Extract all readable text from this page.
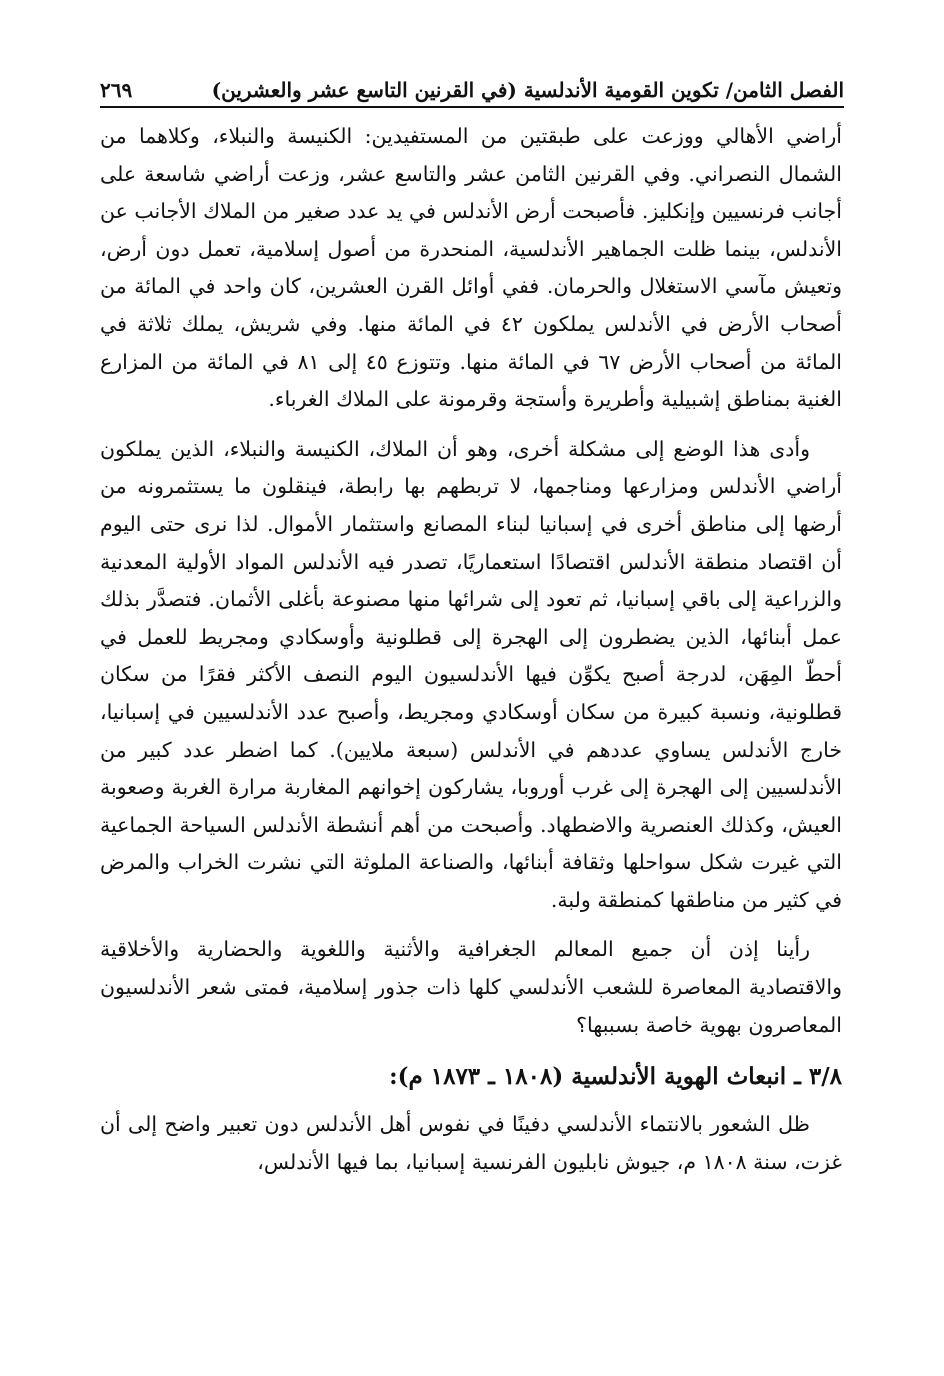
الفصل الثامن/ تكوين القومية الأندلسية (في القرنين التاسع عشر والعشرين)
٢٦٩

أراضي الأهالي ووزعت على طبقتين من المستفيدين: الكنيسة والنبلاء، وكلاهما من الشمال النصراني. وفي القرنين الثامن عشر والتاسع عشر، وزعت أراضي شاسعة على أجانب فرنسيين وإنكليز. فأصبحت أرض الأندلس في يد عدد صغير من الملاك الأجانب عن الأندلس، بينما ظلت الجماهير الأندلسية، المنحدرة من أصول إسلامية، تعمل دون أرض، وتعيش مآسي الاستغلال والحرمان. ففي أوائل القرن العشرين، كان واحد في المائة من أصحاب الأرض في الأندلس يملكون ٤٢ في المائة منها. وفي شريش، يملك ثلاثة في المائة من أصحاب الأرض ٦٧ في المائة منها. وتتوزع ٤٥ إلى ٨١ في المائة من المزارع الغنية بمناطق إشبيلية وأطريرة وأستجة وقرمونة على الملاك الغرباء.

وأدى هذا الوضع إلى مشكلة أخرى، وهو أن الملاك، الكنيسة والنبلاء، الذين يملكون أراضي الأندلس ومزارعها ومناجمها، لا تربطهم بها رابطة، فينقلون ما يستثمرونه من أرضها إلى مناطق أخرى في إسبانيا لبناء المصانع واستثمار الأموال. لذا نرى حتى اليوم أن اقتصاد منطقة الأندلس اقتصادًا استعماريًا، تصدر فيه الأندلس المواد الأولية المعدنية والزراعية إلى باقي إسبانيا، ثم تعود إلى شرائها منها مصنوعة بأغلى الأثمان. فتصدَّر بذلك عمل أبنائها، الذين يضطرون إلى الهجرة إلى قطلونية وأوسكادي ومجريط للعمل في أحطّ المِهَن، لدرجة أصبح يكوِّن فيها الأندلسيون اليوم النصف الأكثر فقرًا من سكان قطلونية، ونسبة كبيرة من سكان أوسكادي ومجريط، وأصبح عدد الأندلسيين في إسبانيا، خارج الأندلس يساوي عددهم في الأندلس (سبعة ملايين). كما اضطر عدد كبير من الأندلسيين إلى الهجرة إلى غرب أوروبا، يشاركون إخوانهم المغاربة مرارة الغربة وصعوبة العيش، وكذلك العنصرية والاضطهاد. وأصبحت من أهم أنشطة الأندلس السياحة الجماعية التي غيرت شكل سواحلها وثقافة أبنائها، والصناعة الملوثة التي نشرت الخراب والمرض في كثير من مناطقها كمنطقة ولبة.

رأينا إذن أن جميع المعالم الجغرافية والأثنية واللغوية والحضارية والأخلاقية والاقتصادية المعاصرة للشعب الأندلسي كلها ذات جذور إسلامية، فمتى شعر الأندلسيون المعاصرون بهوية خاصة بسببها؟

٣/٨ ـ انبعاث الهوية الأندلسية (١٨٠٨ ـ ١٨٧٣ م):

ظل الشعور بالانتماء الأندلسي دفينًا في نفوس أهل الأندلس دون تعبير واضح إلى أن غزت، سنة ١٨٠٨ م، جيوش نابليون الفرنسية إسبانيا، بما فيها الأندلس،
